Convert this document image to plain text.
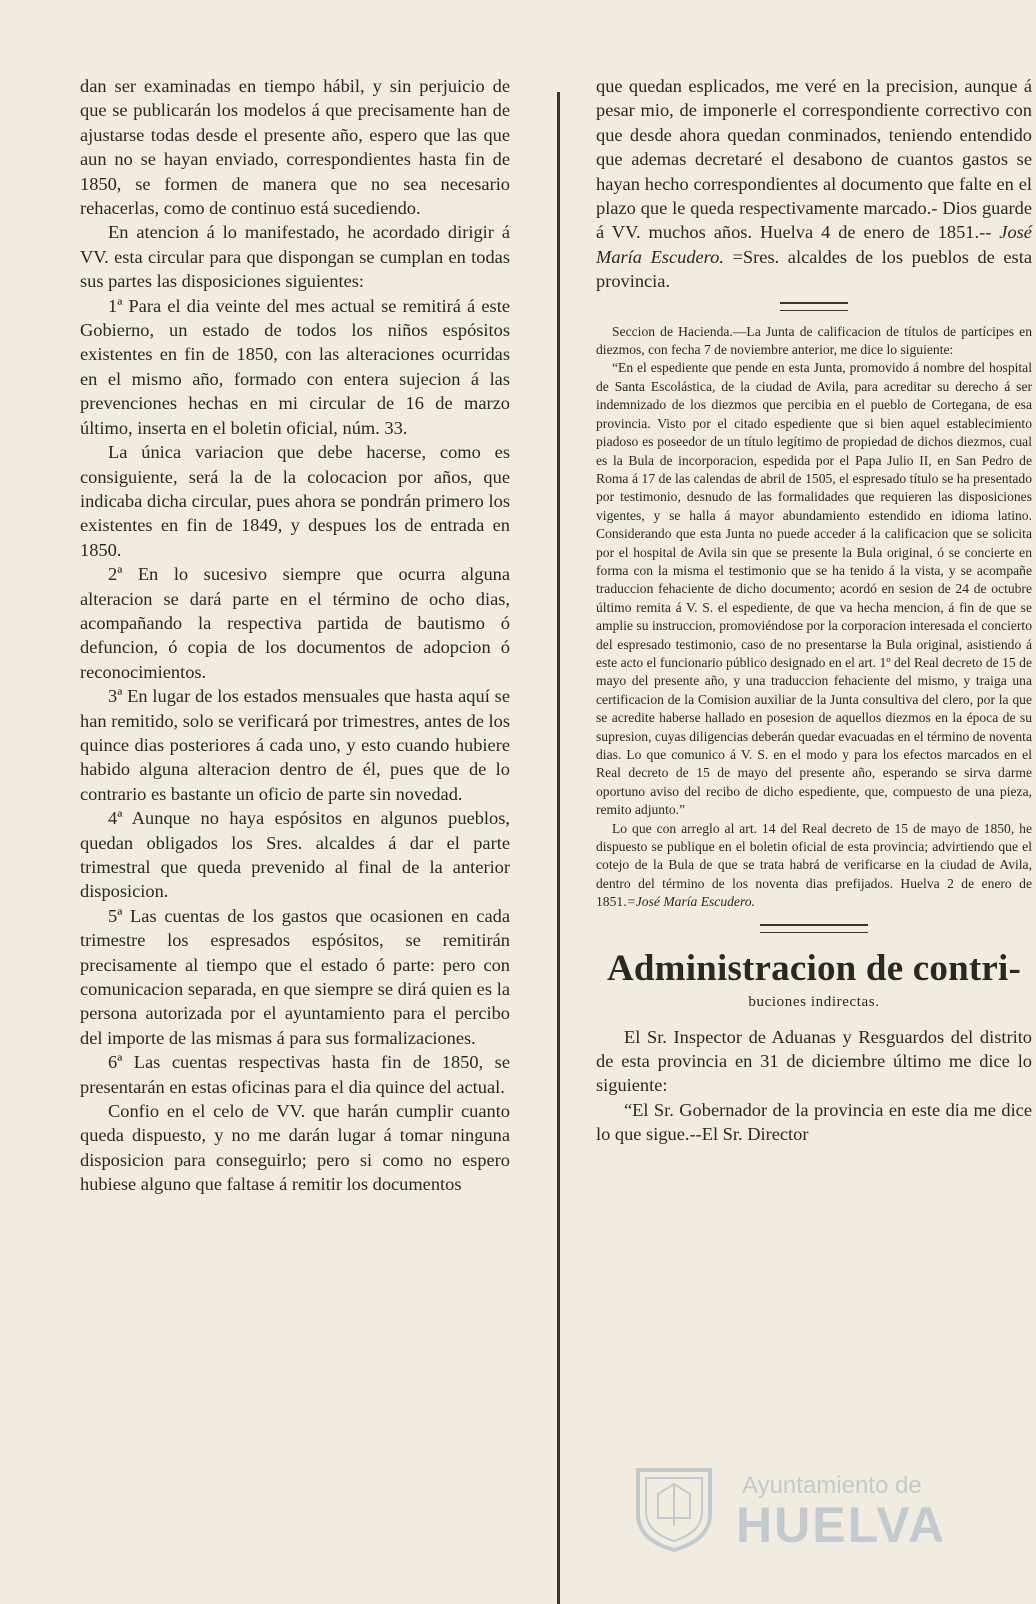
dan ser examinadas en tiempo hábil, y sin perjuicio de que se publicarán los modelos á que precisamente han de ajustarse todas desde el presente año, espero que las que aun no se hayan enviado, correspondientes hasta fin de 1850, se formen de manera que no sea necesario rehacerlas, como de continuo está sucediendo.

En atencion á lo manifestado, he acordado dirigir á VV. esta circular para que dispongan se cumplan en todas sus partes las disposiciones siguientes:

1ª Para el dia veinte del mes actual se remitirá á este Gobierno, un estado de todos los niños espósitos existentes en fin de 1850, con las alteraciones ocurridas en el mismo año, formado con entera sujecion á las prevenciones hechas en mi circular de 16 de marzo último, inserta en el boletin oficial, núm. 33.

La única variacion que debe hacerse, como es consiguiente, será la de la colocacion por años, que indicaba dicha circular, pues ahora se pondrán primero los existentes en fin de 1849, y despues los de entrada en 1850.

2ª En lo sucesivo siempre que ocurra alguna alteracion se dará parte en el término de ocho dias, acompañando la respectiva partida de bautismo ó defuncion, ó copia de los documentos de adopcion ó reconocimientos.

3ª En lugar de los estados mensuales que hasta aquí se han remitido, solo se verificará por trimestres, antes de los quince dias posteriores á cada uno, y esto cuando hubiere habido alguna alteracion dentro de él, pues que de lo contrario es bastante un oficio de parte sin novedad.

4ª Aunque no haya espósitos en algunos pueblos, quedan obligados los Sres. alcaldes á dar el parte trimestral que queda prevenido al final de la anterior disposicion.

5ª Las cuentas de los gastos que ocasionen en cada trimestre los espresados espósitos, se remitirán precisamente al tiempo que el estado ó parte: pero con comunicacion separada, en que siempre se dirá quien es la persona autorizada por el ayuntamiento para el percibo del importe de las mismas á para sus formalizaciones.

6ª Las cuentas respectivas hasta fin de 1850, se presentarán en estas oficinas para el dia quince del actual.

Confio en el celo de VV. que harán cumplir cuanto queda dispuesto, y no me darán lugar á tomar ninguna disposicion para conseguirlo; pero si como no espero hubiese alguno que faltase á remitir los documentos

que quedan esplicados, me veré en la precision, aunque á pesar mio, de imponerle el correspondiente correctivo con que desde ahora quedan conminados, teniendo entendido que ademas decretaré el desabono de cuantos gastos se hayan hecho correspondientes al documento que falte en el plazo que le queda respectivamente marcado.- Dios guarde á VV. muchos años. Huelva 4 de enero de 1851.-- José María Escudero. =Sres. alcaldes de los pueblos de esta provincia.

Seccion de Hacienda.—La Junta de calificacion de títulos de partícipes en diezmos, con fecha 7 de noviembre anterior, me dice lo siguiente:

“En el espediente que pende en esta Junta, promovido á nombre del hospital de Santa Escolástica, de la ciudad de Avila, para acreditar su derecho á ser indemnizado de los diezmos que percibia en el pueblo de Cortegana, de esa provincia. Visto por el citado espediente que si bien aquel establecimiento piadoso es poseedor de un título legítimo de propiedad de dichos diezmos, cual es la Bula de incorporacion, espedida por el Papa Julio II, en San Pedro de Roma á 17 de las calendas de abril de 1505, el espresado título se ha presentado por testimonio, desnudo de las formalidades que requieren las disposiciones vigentes, y se halla á mayor abundamiento estendido en idioma latino. Considerando que esta Junta no puede acceder á la calificacion que se solicita por el hospital de Avila sin que se presente la Bula original, ó se concierte en forma con la misma el testimonio que se ha tenido á la vista, y se acompañe traduccion fehaciente de dicho documento; acordó en sesion de 24 de octubre último remita á V. S. el espediente, de que va hecha mencion, á fin de que se amplie su instruccion, promoviéndose por la corporacion interesada el concierto del espresado testimonio, caso de no presentarse la Bula original, asistiendo á este acto el funcionario público designado en el art. 1º del Real decreto de 15 de mayo del presente año, y una traduccion fehaciente del mismo, y traiga una certificacion de la Comision auxiliar de la Junta consultiva del clero, por la que se acredite haberse hallado en posesion de aquellos diezmos en la época de su supresion, cuyas diligencias deberán quedar evacuadas en el término de noventa dias. Lo que comunico á V. S. en el modo y para los efectos marcados en el Real decreto de 15 de mayo del presente año, esperando se sirva darme oportuno aviso del recibo de dicho espediente, que, compuesto de una pieza, remito adjunto.”

Lo que con arreglo al art. 14 del Real decreto de 15 de mayo de 1850, he dispuesto se publique en el boletin oficial de esta provincia; advirtiendo que el cotejo de la Bula de que se trata habrá de verificarse en la ciudad de Avila, dentro del término de los noventa dias prefijados. Huelva 2 de enero de 1851.=José María Escudero.

Administracion de contri-
buciones indirectas.

El Sr. Inspector de Aduanas y Resguardos del distrito de esta provincia en 31 de diciembre último me dice lo siguiente:

“El Sr. Gobernador de la provincia en este dia me dice lo que sigue.--El Sr. Director

Ayuntamiento de
HUELVA
